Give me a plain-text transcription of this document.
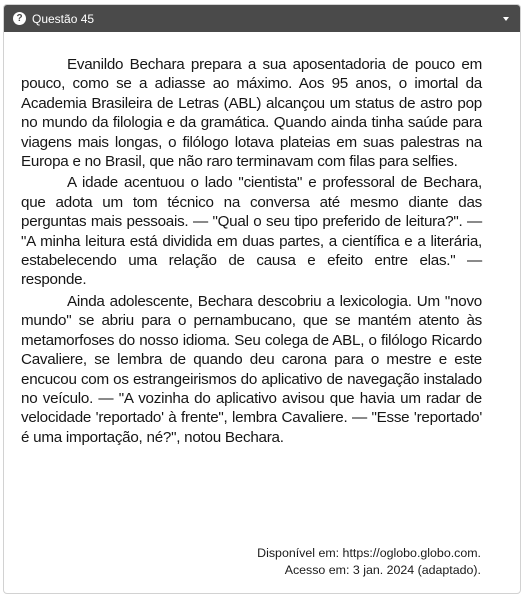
? Questão 45

Evanildo Bechara prepara a sua aposentadoria de pouco em pouco, como se a adiasse ao máximo. Aos 95 anos, o imortal da Academia Brasileira de Letras (ABL) alcançou um status de astro pop no mundo da filologia e da gramática. Quando ainda tinha saúde para viagens mais longas, o filólogo lotava plateias em suas palestras na Europa e no Brasil, que não raro terminavam com filas para selfies.

A idade acentuou o lado "cientista" e professoral de Bechara, que adota um tom técnico na conversa até mesmo diante das perguntas mais pessoais. — "Qual o seu tipo preferido de leitura?". — "A minha leitura está dividida em duas partes, a científica e a literária, estabelecendo uma relação de causa e efeito entre elas." — responde.

Ainda adolescente, Bechara descobriu a lexicologia. Um "novo mundo" se abriu para o pernambucano, que se mantém atento às metamorfoses do nosso idioma. Seu colega de ABL, o filólogo Ricardo Cavaliere, se lembra de quando deu carona para o mestre e este encucou com os estrangeirismos do aplicativo de navegação instalado no veículo. — "A vozinha do aplicativo avisou que havia um radar de velocidade 'reportado' à frente", lembra Cavaliere. — "Esse 'reportado' é uma importação, né?", notou Bechara.

Disponível em: https://oglobo.globo.com.
Acesso em: 3 jan. 2024 (adaptado).
